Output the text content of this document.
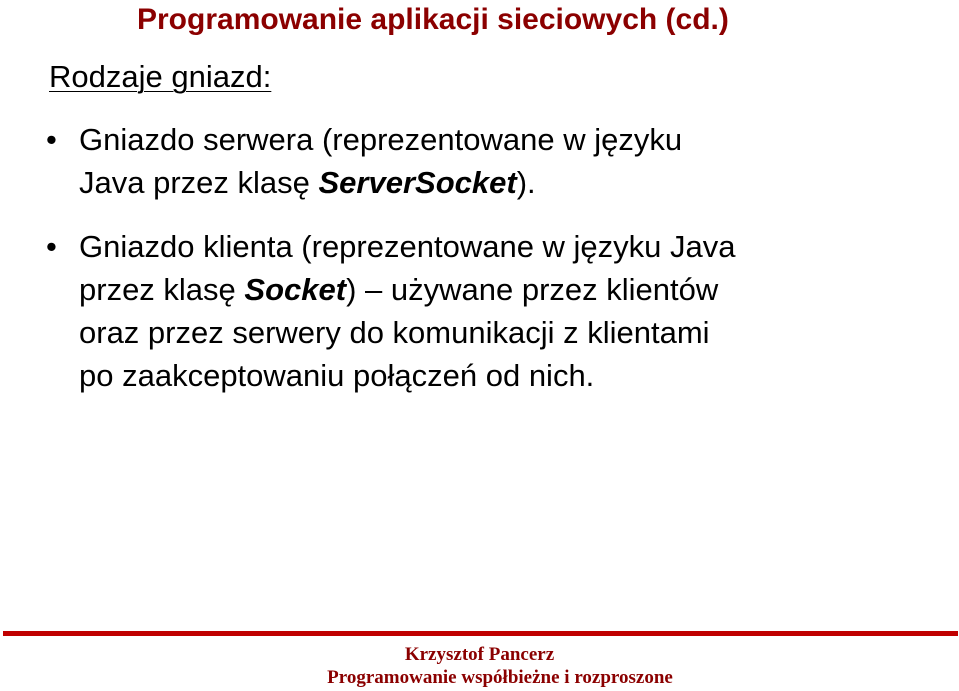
Programowanie aplikacji sieciowych (cd.)
Rodzaje gniazd:
• Gniazdo serwera (reprezentowane w języku
Java przez klasę ServerSocket).
• Gniazdo klienta (reprezentowane w języku Java
przez klasę Socket) – używane przez klientów
oraz przez serwery do komunikacji z klientami
po zaakceptowaniu połączeń od nich.
Krzysztof Pancerz
Programowanie współbieżne i rozproszone
